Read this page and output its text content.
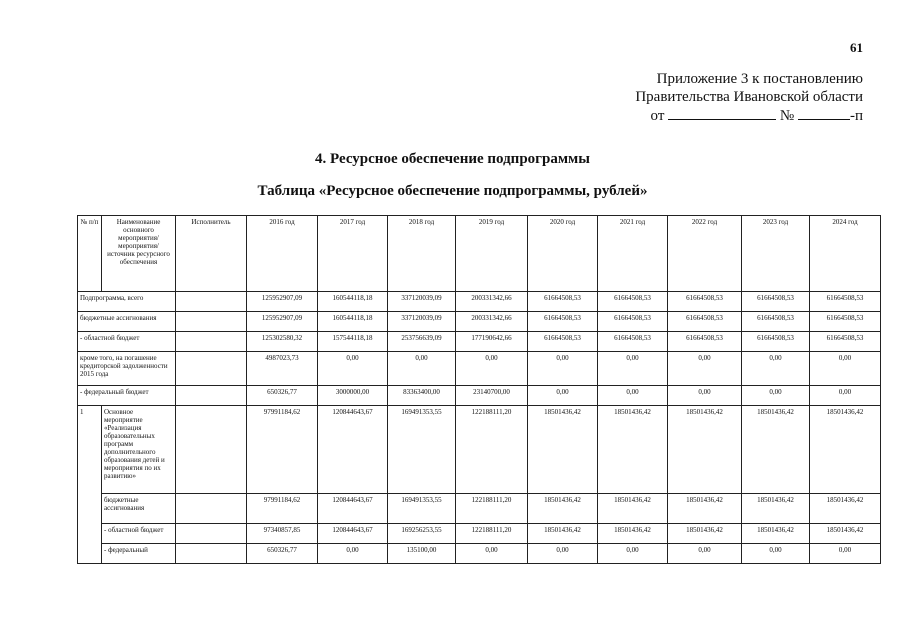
61
Приложение 3 к постановлению
Правительства Ивановской области
от	№	-п
4. Ресурсное обеспечение подпрограммы
Таблица «Ресурсное обеспечение подпрограммы, рублей»
№ п/п	Наименование основного мероприятия/ мероприятия/ источник ресурсного обеспечения	Исполнитель	2016 год	2017 год	2018 год	2019 год	2020 год	2021 год	2022 год	2023 год	2024 год
Подпрограмма, всего			125952907,09	160544118,18	337120039,09	200331342,66	61664508,53	61664508,53	61664508,53	61664508,53	61664508,53
бюджетные ассигнования			125952907,09	160544118,18	337120039,09	200331342,66	61664508,53	61664508,53	61664508,53	61664508,53	61664508,53
- областной бюджет			125302580,32	157544118,18	253756639,09	177190642,66	61664508,53	61664508,53	61664508,53	61664508,53	61664508,53
кроме того, на погашение кредиторской задолженности 2015 года			4987023,73	0,00	0,00	0,00	0,00	0,00	0,00	0,00	0,00
- федеральный бюджет			650326,77	3000000,00	83363400,00	23140700,00	0,00	0,00	0,00	0,00	0,00
1	Основное мероприятие «Реализация образовательных программ дополнительного образования детей и мероприятия по их развитию»		97991184,62	120844643,67	169491353,55	122188111,20	18501436,42	18501436,42	18501436,42	18501436,42	18501436,42
	бюджетные ассигнования		97991184,62	120844643,67	169491353,55	122188111,20	18501436,42	18501436,42	18501436,42	18501436,42	18501436,42
	- областной бюджет		97340857,85	120844643,67	169256253,55	122188111,20	18501436,42	18501436,42	18501436,42	18501436,42	18501436,42
	- федеральный		650326,77	0,00	135100,00	0,00	0,00	0,00	0,00	0,00	0,00
